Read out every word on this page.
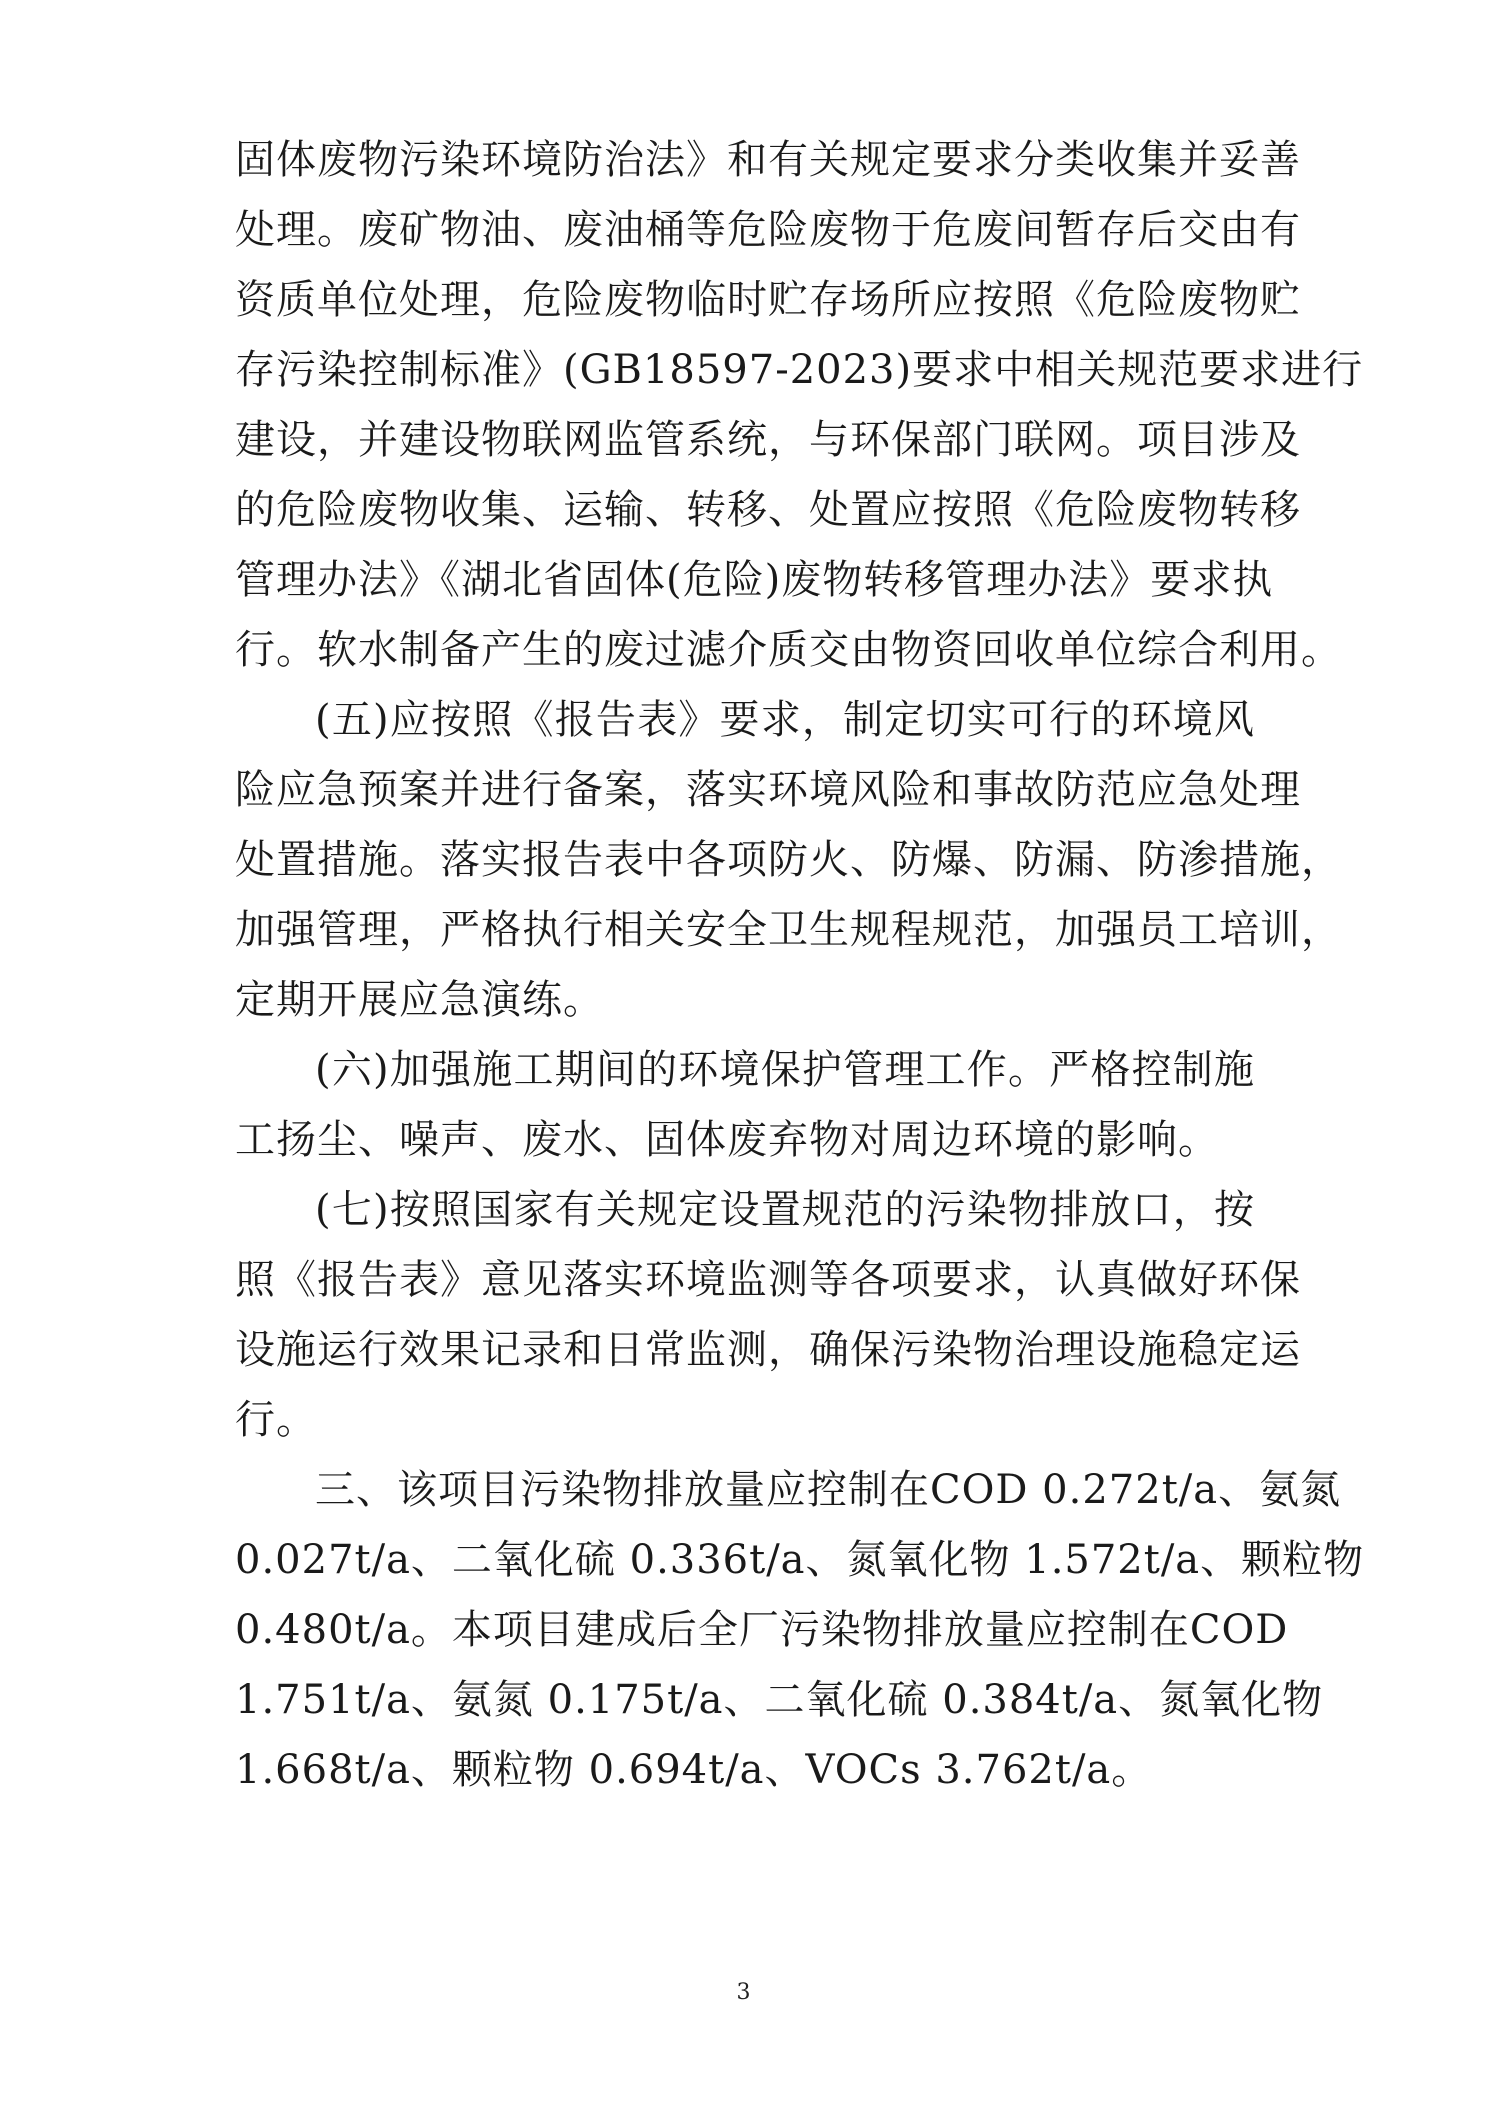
固体废物污染环境防治法》和有关规定要求分类收集并妥善
处理。废矿物油、废油桶等危险废物于危废间暂存后交由有
资质单位处理，危险废物临时贮存场所应按照《危险废物贮
存污染控制标准》(GB18597-2023)要求中相关规范要求进行
建设，并建设物联网监管系统，与环保部门联网。项目涉及
的危险废物收集、运输、转移、处置应按照《危险废物转移
管理办法》《湖北省固体(危险)废物转移管理办法》要求执
行。软水制备产生的废过滤介质交由物资回收单位综合利用。
(五)应按照《报告表》要求，制定切实可行的环境风
险应急预案并进行备案，落实环境风险和事故防范应急处理
处置措施。落实报告表中各项防火、防爆、防漏、防渗措施，
加强管理，严格执行相关安全卫生规程规范，加强员工培训，
定期开展应急演练。
(六)加强施工期间的环境保护管理工作。严格控制施
工扬尘、噪声、废水、固体废弃物对周边环境的影响。
(七)按照国家有关规定设置规范的污染物排放口，按
照《报告表》意见落实环境监测等各项要求，认真做好环保
设施运行效果记录和日常监测，确保污染物治理设施稳定运
行。
三、该项目污染物排放量应控制在COD 0.272t/a、氨氮
0.027t/a、二氧化硫 0.336t/a、氮氧化物 1.572t/a、颗粒物
0.480t/a。本项目建成后全厂污染物排放量应控制在COD
1.751t/a、氨氮 0.175t/a、二氧化硫 0.384t/a、氮氧化物
1.668t/a、颗粒物 0.694t/a、VOCs 3.762t/a。
3
